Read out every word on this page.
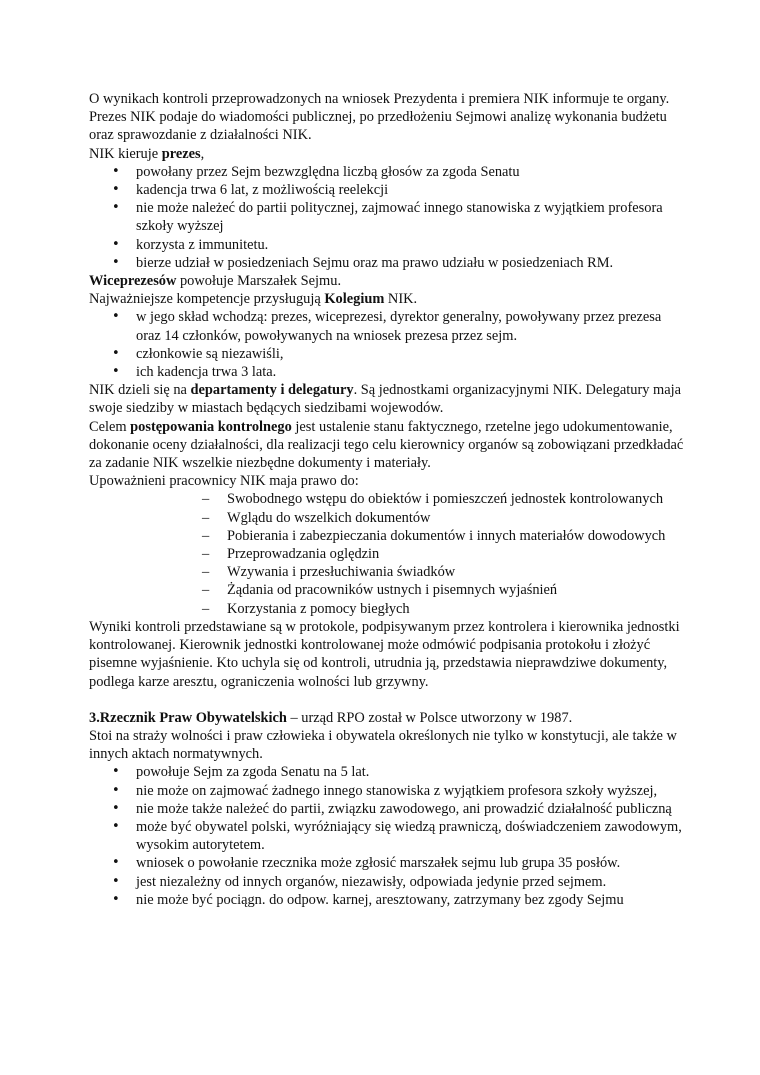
O wynikach kontroli przeprowadzonych na wniosek Prezydenta i premiera NIK informuje te organy. Prezes NIK podaje do wiadomości publicznej, po przedłożeniu Sejmowi analizę wykonania budżetu oraz sprawozdanie z działalności NIK.

NIK kieruje prezes,

• powołany przez Sejm bezwzględna liczbą głosów za zgoda Senatu
• kadencja trwa 6 lat, z możliwością reelekcji
• nie może należeć do partii politycznej, zajmować innego stanowiska z wyjątkiem profesora szkoły wyższej
• korzysta z immunitetu.
• bierze udział w posiedzeniach Sejmu oraz ma prawo udziału w posiedzeniach RM.

Wiceprezesów powołuje Marszałek Sejmu.

Najważniejsze kompetencje przysługują Kolegium NIK.

• w jego skład wchodzą: prezes, wiceprezesi, dyrektor generalny, powoływany przez prezesa oraz 14 członków, powoływanych na wniosek prezesa przez sejm.
• członkowie są niezawiśli,
• ich kadencja trwa 3 lata.

NIK dzieli się na departamenty i delegatury. Są jednostkami organizacyjnymi NIK. Delegatury maja swoje siedziby w miastach będących siedzibami wojewodów.

Celem postępowania kontrolnego jest ustalenie stanu faktycznego, rzetelne jego udokumentowanie, dokonanie oceny działalności, dla realizacji tego celu kierownicy organów są zobowiązani przedkładać za zadanie NIK wszelkie niezbędne dokumenty i materiały.

Upoważnieni pracownicy NIK maja prawo do:

– Swobodnego wstępu do obiektów i pomieszczeń jednostek kontrolowanych
– Wglądu do wszelkich dokumentów
– Pobierania i zabezpieczania dokumentów i innych materiałów dowodowych
– Przeprowadzania oględzin
– Wzywania i przesłuchiwania świadków
– Żądania od pracowników ustnych i pisemnych wyjaśnień
– Korzystania z pomocy biegłych

Wyniki kontroli przedstawiane są w protokole, podpisywanym przez kontrolera i kierownika jednostki kontrolowanej. Kierownik jednostki kontrolowanej może odmówić podpisania protokołu i złożyć pisemne wyjaśnienie. Kto uchyla się od kontroli, utrudnia ją, przedstawia nieprawdziwe dokumenty, podlega karze aresztu, ograniczenia wolności lub grzywny.

3.Rzecznik Praw Obywatelskich – urząd RPO został w Polsce utworzony w 1987.

Stoi na straży wolności i praw człowieka i obywatela określonych nie tylko w konstytucji, ale także w innych aktach normatywnych.

• powołuje Sejm za zgoda Senatu na 5 lat.
• nie może on zajmować żadnego innego stanowiska z wyjątkiem profesora szkoły wyższej,
• nie może także należeć do partii, związku zawodowego, ani prowadzić działalność publiczną
• może być obywatel polski, wyróżniający się wiedzą prawniczą, doświadczeniem zawodowym, wysokim autorytetem.
• wniosek o powołanie rzecznika może zgłosić marszałek sejmu lub grupa 35 posłów.
• jest niezależny od innych organów, niezawisły, odpowiada jedynie przed sejmem.
• nie może być pociągn. do odpow. karnej, aresztowany, zatrzymany bez zgody Sejmu
